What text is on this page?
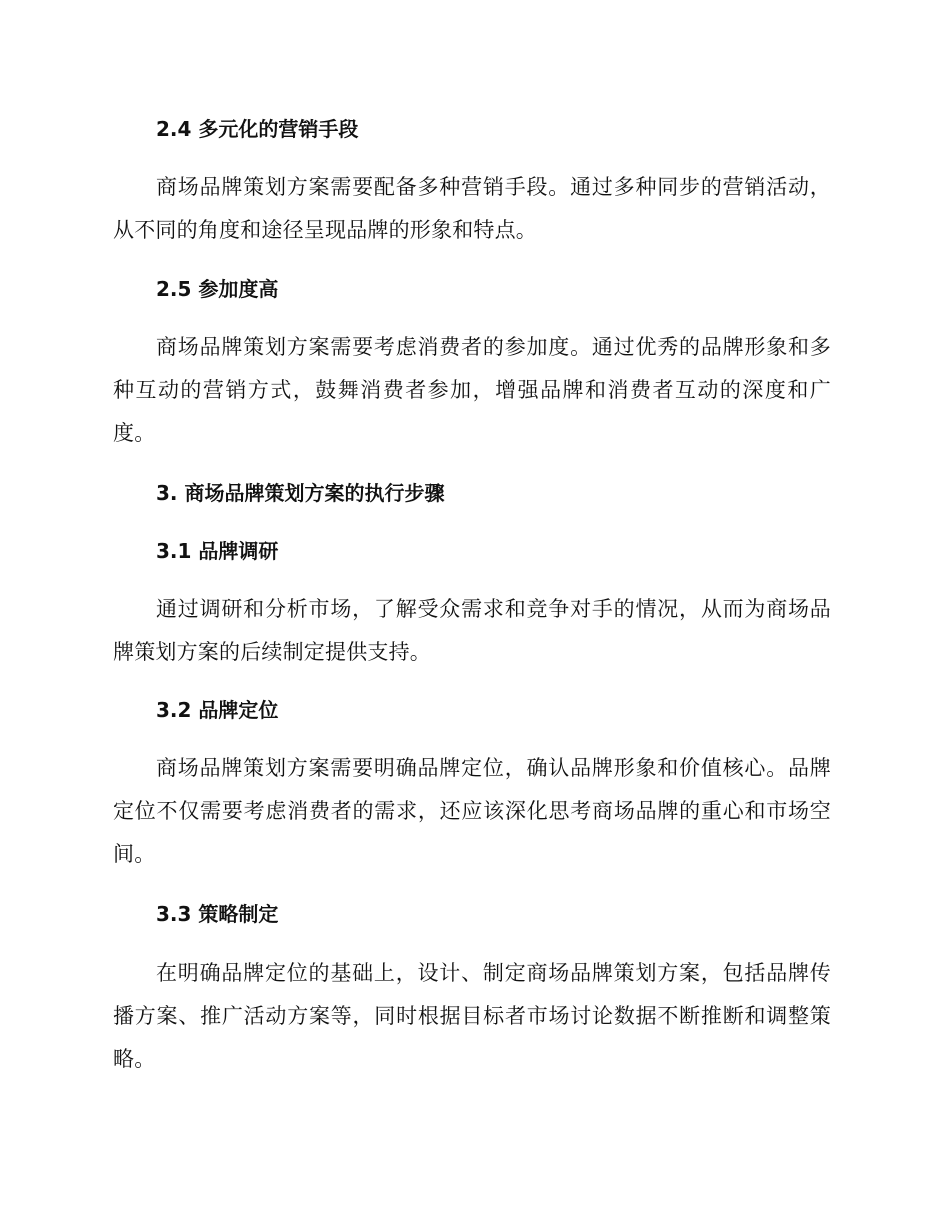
2.4 多元化的营销手段
商场品牌策划方案需要配备多种营销手段。通过多种同步的营销活动，从不同的角度和途径呈现品牌的形象和特点。
2.5 参加度高
商场品牌策划方案需要考虑消费者的参加度。通过优秀的品牌形象和多种互动的营销方式，鼓舞消费者参加，增强品牌和消费者互动的深度和广度。
3. 商场品牌策划方案的执行步骤
3.1 品牌调研
通过调研和分析市场，了解受众需求和竞争对手的情况，从而为商场品牌策划方案的后续制定提供支持。
3.2 品牌定位
商场品牌策划方案需要明确品牌定位，确认品牌形象和价值核心。品牌定位不仅需要考虑消费者的需求，还应该深化思考商场品牌的重心和市场空间。
3.3 策略制定
在明确品牌定位的基础上，设计、制定商场品牌策划方案，包括品牌传播方案、推广活动方案等，同时根据目标者市场讨论数据不断推断和调整策略。
